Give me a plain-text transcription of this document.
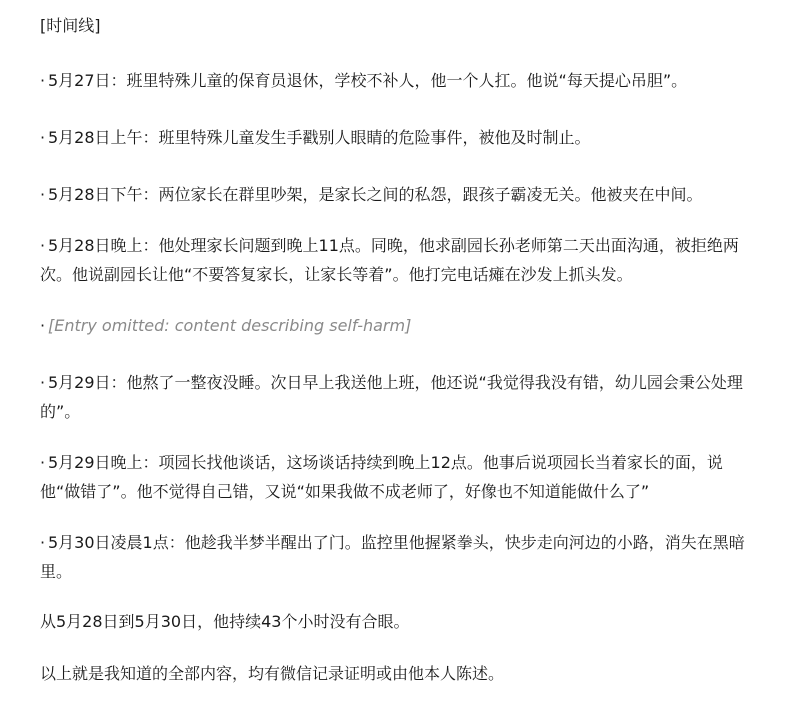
[时间线]
· 5月27日：班里特殊儿童的保育员退休，学校不补人，他一个人扛。他说“每天提心吊胆”。
· 5月28日上午：班里特殊儿童发生手戳别人眼睛的危险事件，被他及时制止。
· 5月28日下午：两位家长在群里吵架，是家长之间的私怨，跟孩子霸凌无关。他被夹在中间。
· 5月28日晚上：他处理家长问题到晚上11点。同晚，他求副园长孙老师第二天出面沟通，被拒绝两次。他说副园长让他“不要答复家长，让家长等着”。他打完电话瘫在沙发上抓头发。
· [Entry omitted: content describing self-harm]
· 5月29日：他熬了一整夜没睡。次日早上我送他上班，他还说“我觉得我没有错，幼儿园会秉公处理的”。
· 5月29日晚上：项园长找他谈话，这场谈话持续到晚上12点。他事后说项园长当着家长的面，说他“做错了”。他不觉得自己错，又说“如果我做不成老师了，好像也不知道能做什么了”
· 5月30日凌晨1点：他趁我半梦半醒出了门。监控里他握紧拳头，快步走向河边的小路，消失在黑暗里。
从5月28日到5月30日，他持续43个小时没有合眼。
以上就是我知道的全部内容，均有微信记录证明或由他本人陈述。
